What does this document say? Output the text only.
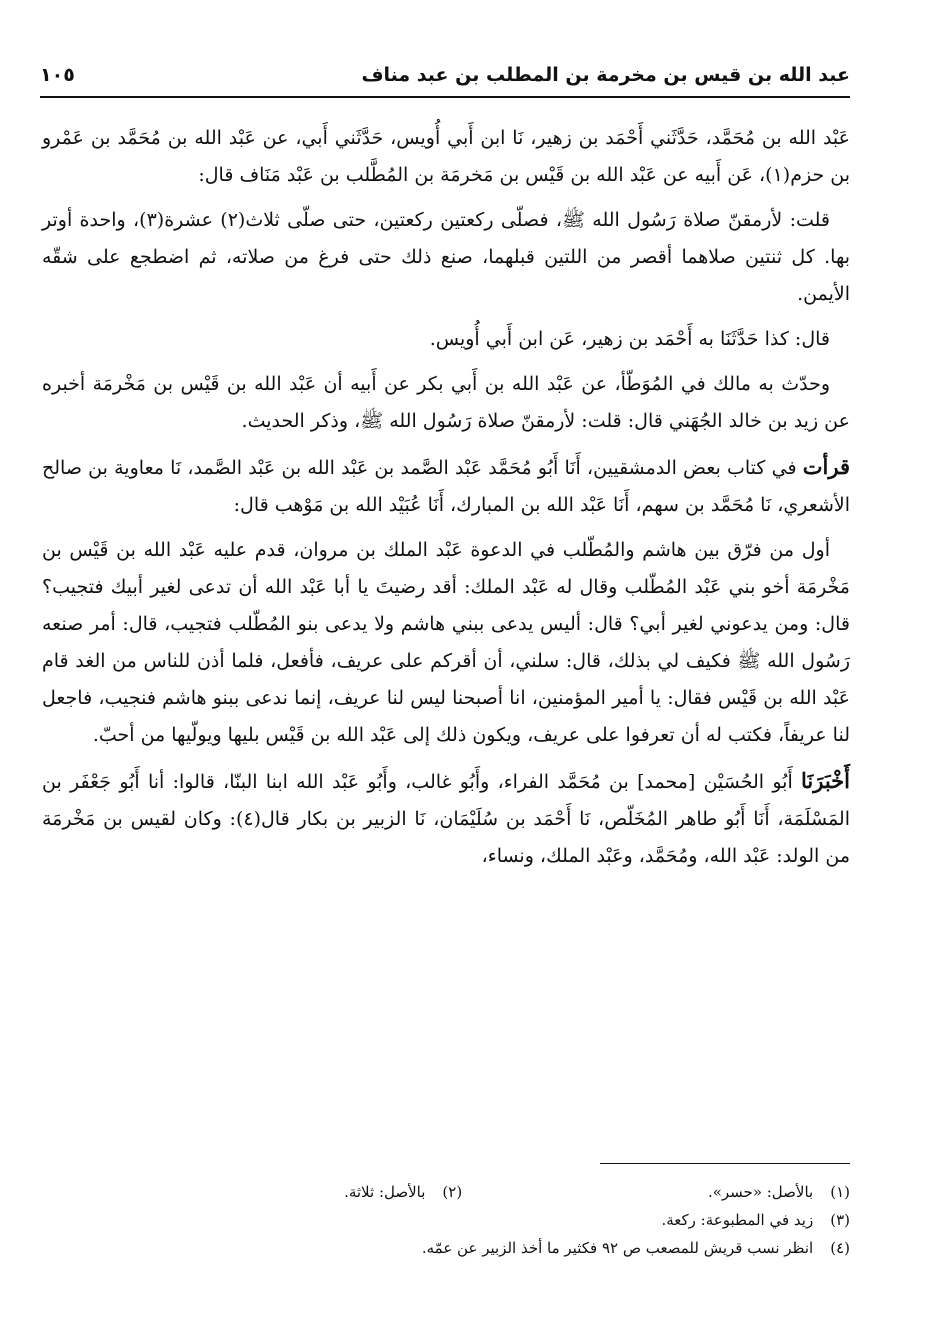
عبد الله بن قيس بن مخرمة بن المطلب بن عبد مناف
١٠٥

عَبْد الله بن مُحَمَّد، حَدَّثَني أَحْمَد بن زهير، نَا ابن أَبي أُويس، حَدَّثَني أَبي، عن عَبْد الله بن مُحَمَّد بن عَمْرو بن حزم(١)، عَن أَبيه عن عَبْد الله بن قَيْس بن مَخرمَة بن المُطَّلب بن عَبْد مَنَاف قال:

قلت: لأرمقنّ صلاة رَسُول الله ﷺ، فصلّى ركعتين ركعتين، حتى صلّى ثلاث(٢) عشرة(٣)، واحدة أوتر بها. كل ثنتين صلاهما أقصر من اللتين قبلهما، صنع ذلك حتى فرغ من صلاته، ثم اضطجع على شقّه الأيمن.

قال: كذا حَدَّثَنَا به أَحْمَد بن زهير، عَن ابن أَبي أُويس.

وحدّث به مالك في المُوَطّأ، عن عَبْد الله بن أَبي بكر عن أَبيه أن عَبْد الله بن قَيْس بن مَخْرمَة أخبره عن زيد بن خالد الجُهَني قال: قلت: لأرمقنّ صلاة رَسُول الله ﷺ، وذكر الحديث.

قرأت في كتاب بعض الدمشقيين، أَنَا أَبُو مُحَمَّد عَبْد الصَّمد بن عَبْد الله بن عَبْد الصَّمد، نَا معاوية بن صالح الأشعري، نَا مُحَمَّد بن سهم، أَنَا عَبْد الله بن المبارك، أَنَا عُبَيْد الله بن مَوْهب قال:

أول من فرّق بين هاشم والمُطّلب في الدعوة عَبْد الملك بن مروان، قدم عليه عَبْد الله بن قَيْس بن مَخْرمَة أخو بني عَبْد المُطّلب وقال له عَبْد الملك: أقد رضيتَ يا أبا عَبْد الله أن تدعى لغير أبيك فتجيب؟ قال: ومن يدعوني لغير أبي؟ قال: أليس يدعى ببني هاشم ولا يدعى بنو المُطّلب فتجيب، قال: أمر صنعه رَسُول الله ﷺ فكيف لي بذلك، قال: سلني، أن أقركم على عريف، فأفعل، فلما أذن للناس من الغد قام عَبْد الله بن قَيْس فقال: يا أمير المؤمنين، انا أصبحنا ليس لنا عريف، إنما ندعى ببنو هاشم فنجيب، فاجعل لنا عريفاً، فكتب له أن تعرفوا على عريف، ويكون ذلك إلى عَبْد الله بن قَيْس بليها ويولّيها من أحبّ.

أَخْبَرَنَا أَبُو الحُسَيْن [محمد] بن مُحَمَّد الفراء، وأَبُو غالب، وأَبُو عَبْد الله ابنا البنّا، قالوا: أنا أَبُو جَعْفَر بن المَسْلَمَة، أَنَا أَبُو طاهر المُخَلّص، نَا أَحْمَد بن سُلَيْمَان، نَا الزبير بن بكار قال(٤): وكان لقيس بن مَخْرمَة من الولد: عَبْد الله، ومُحَمَّد، وعَبْد الملك، ونساء،

(١) بالأصل: «حسر».
(٢) بالأصل: ثلاثة.
(٣) زيد في المطبوعة: ركعة.
(٤) انظر نسب قريش للمصعب ص ٩٢ فكثير ما أخذ الزبير عن عمّه.
